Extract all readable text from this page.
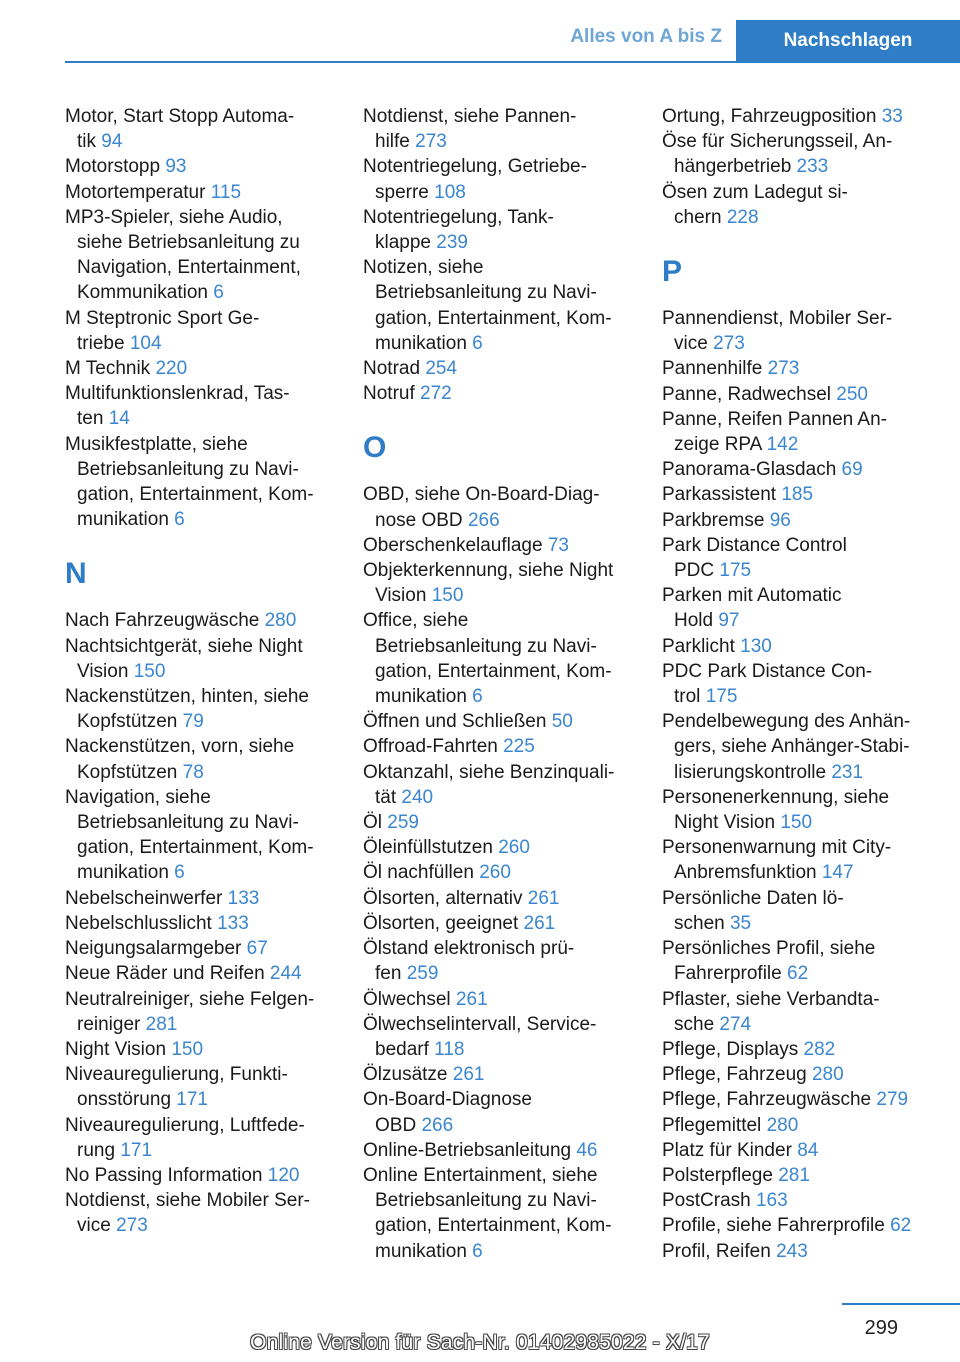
Alles von A bis Z	Nachschlagen
Motor, Start Stopp Automa-
tik 94
Motorstopp 93
Motortemperatur 115
MP3-Spieler, siehe Audio,
siehe Betriebsanleitung zu
Navigation, Entertainment,
Kommunikation 6
M Steptronic Sport Ge-
triebe 104
M Technik 220
Multifunktionslenkrad, Tas-
ten 14
Musikfestplatte, siehe
Betriebsanleitung zu Navi-
gation, Entertainment, Kom-
munikation 6
N
Nach Fahrzeugwäsche 280
Nachtsichtgerät, siehe Night
Vision 150
Nackenstützen, hinten, siehe
Kopfstützen 79
Nackenstützen, vorn, siehe
Kopfstützen 78
Navigation, siehe
Betriebsanleitung zu Navi-
gation, Entertainment, Kom-
munikation 6
Nebelscheinwerfer 133
Nebelschlusslicht 133
Neigungsalarmgeber 67
Neue Räder und Reifen 244
Neutralreiniger, siehe Felgen-
reiniger 281
Night Vision 150
Niveauregulierung, Funkti-
onsstörung 171
Niveauregulierung, Luftfede-
rung 171
No Passing Information 120
Notdienst, siehe Mobiler Ser-
vice 273
Notdienst, siehe Pannen-
hilfe 273
Notentriegelung, Getriebe-
sperre 108
Notentriegelung, Tank-
klappe 239
Notizen, siehe
Betriebsanleitung zu Navi-
gation, Entertainment, Kom-
munikation 6
Notrad 254
Notruf 272
O
OBD, siehe On-Board-Diag-
nose OBD 266
Oberschenkelauflage 73
Objekterkennung, siehe Night
Vision 150
Office, siehe
Betriebsanleitung zu Navi-
gation, Entertainment, Kom-
munikation 6
Öffnen und Schließen 50
Offroad-Fahrten 225
Oktanzahl, siehe Benzinquali-
tät 240
Öl 259
Öleinfüllstutzen 260
Öl nachfüllen 260
Ölsorten, alternativ 261
Ölsorten, geeignet 261
Ölstand elektronisch prü-
fen 259
Ölwechsel 261
Ölwechselintervall, Service-
bedarf 118
Ölzusätze 261
On-Board-Diagnose
OBD 266
Online-Betriebsanleitung 46
Online Entertainment, siehe
Betriebsanleitung zu Navi-
gation, Entertainment, Kom-
munikation 6
Ortung, Fahrzeugposition 33
Öse für Sicherungsseil, An-
hängerbetrieb 233
Ösen zum Ladegut si-
chern 228
P
Pannendienst, Mobiler Ser-
vice 273
Pannenhilfe 273
Panne, Radwechsel 250
Panne, Reifen Pannen An-
zeige RPA 142
Panorama-Glasdach 69
Parkassistent 185
Parkbremse 96
Park Distance Control
PDC 175
Parken mit Automatic
Hold 97
Parklicht 130
PDC Park Distance Con-
trol 175
Pendelbewegung des Anhän-
gers, siehe Anhänger-Stabi-
lisierungskontrolle 231
Personenerkennung, siehe
Night Vision 150
Personenwarnung mit City-
Anbremsfunktion 147
Persönliche Daten lö-
schen 35
Persönliches Profil, siehe
Fahrerprofile 62
Pflaster, siehe Verbandta-
sche 274
Pflege, Displays 282
Pflege, Fahrzeug 280
Pflege, Fahrzeugwäsche 279
Pflegemittel 280
Platz für Kinder 84
Polsterpflege 281
PostCrash 163
Profile, siehe Fahrerprofile 62
Profil, Reifen 243
299
Online Version für Sach-Nr. 01402985022 - X/17
